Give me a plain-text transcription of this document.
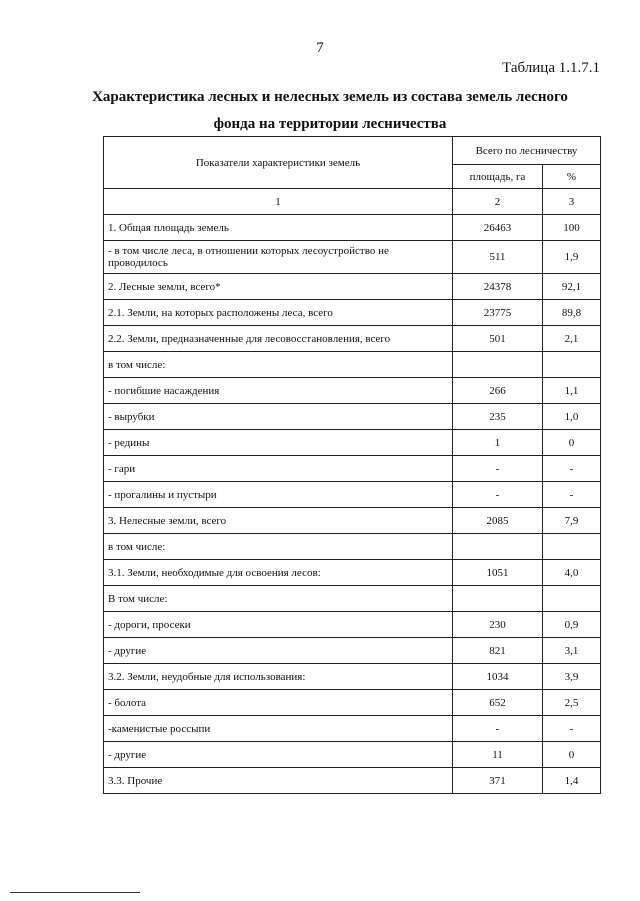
7
Таблица 1.1.7.1
Характеристика лесных и нелесных земель из состава земель лесного
фонда на территории лесничества
Показатели характеристики земель	Всего по лесничеству	
	площадь, га	%
1	2	3
1. Общая площадь земель	26463	100
- в том числе леса, в отношении которых лесоустройство не проводилось	511	1,9
2. Лесные земли, всего*	24378	92,1
2.1. Земли, на которых расположены леса, всего	23775	89,8
2.2. Земли, предназначенные для лесовосстановления, всего	501	2,1
в том числе:		
- погибшие насаждения	266	1,1
- вырубки	235	1,0
- редины	1	0
- гари	-	-
- прогалины и пустыри	-	-
3. Нелесные земли, всего	2085	7,9
в том числе:		
3.1. Земли, необходимые для освоения лесов:	1051	4,0
В том числе:		
- дороги, просеки	230	0,9
- другие	821	3,1
3.2. Земли, неудобные для использования:	1034	3,9
- болота	652	2,5
-каменистые россыпи	-	-
- другие	11	0
3.3. Прочие	371	1,4
